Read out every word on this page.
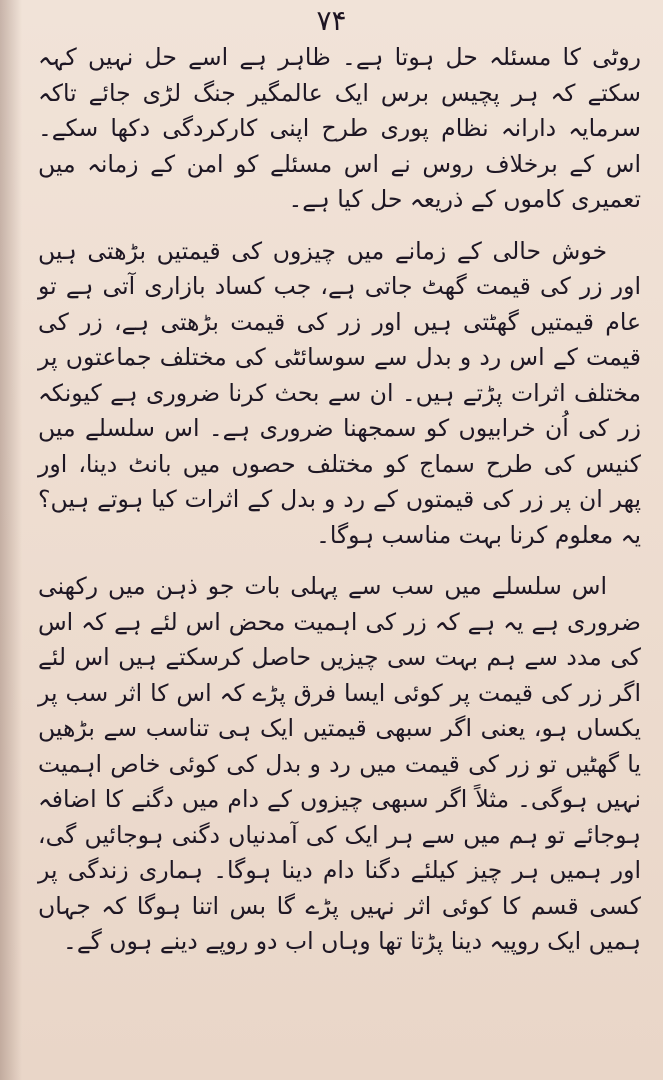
۷۴

روٹی کا مسئلہ حل ہوتا ہے۔ ظاہر ہے اسے حل نہیں کہہ سکتے کہ ہر پچیس برس ایک عالمگیر جنگ لڑی جائے تاکہ سرمایہ دارانہ نظام پوری طرح اپنی کارکردگی دکھا سکے۔ اس کے برخلاف روس نے اس مسئلے کو امن کے زمانہ میں تعمیری کاموں کے ذریعہ حل کیا ہے۔

خوش حالی کے زمانے میں چیزوں کی قیمتیں بڑھتی ہیں اور زر کی قیمت گھٹ جاتی ہے، جب کساد بازاری آتی ہے تو عام قیمتیں گھٹتی ہیں اور زر کی قیمت بڑھتی ہے، زر کی قیمت کے اس رد و بدل سے سوسائٹی کی مختلف جماعتوں پر مختلف اثرات پڑتے ہیں۔ ان سے بحث کرنا ضروری ہے کیونکہ زر کی اُن خرابیوں کو سمجھنا ضروری ہے۔ اس سلسلے میں کنیس کی طرح سماج کو مختلف حصوں میں بانٹ دینا، اور پھر ان پر زر کی قیمتوں کے رد و بدل کے اثرات کیا ہوتے ہیں؟ یہ معلوم کرنا بہت مناسب ہوگا۔

اس سلسلے میں سب سے پہلی بات جو ذہن میں رکھنی ضروری ہے یہ ہے کہ زر کی اہمیت محض اس لئے ہے کہ اس کی مدد سے ہم بہت سی چیزیں حاصل کرسکتے ہیں اس لئے اگر زر کی قیمت پر کوئی ایسا فرق پڑے کہ اس کا اثر سب پر یکساں ہو، یعنی اگر سبھی قیمتیں ایک ہی تناسب سے بڑھیں یا گھٹیں تو زر کی قیمت میں رد و بدل کی کوئی خاص اہمیت نہیں ہوگی۔ مثلاً اگر سبھی چیزوں کے دام میں دگنے کا اضافہ ہوجائے تو ہم میں سے ہر ایک کی آمدنیاں دگنی ہوجائیں گی، اور ہمیں ہر چیز کیلئے دگنا دام دینا ہوگا۔ ہماری زندگی پر کسی قسم کا کوئی اثر نہیں پڑے گا بس اتنا ہوگا کہ جہاں ہمیں ایک روپیہ دینا پڑتا تھا وہاں اب دو روپے دینے ہوں گے۔
